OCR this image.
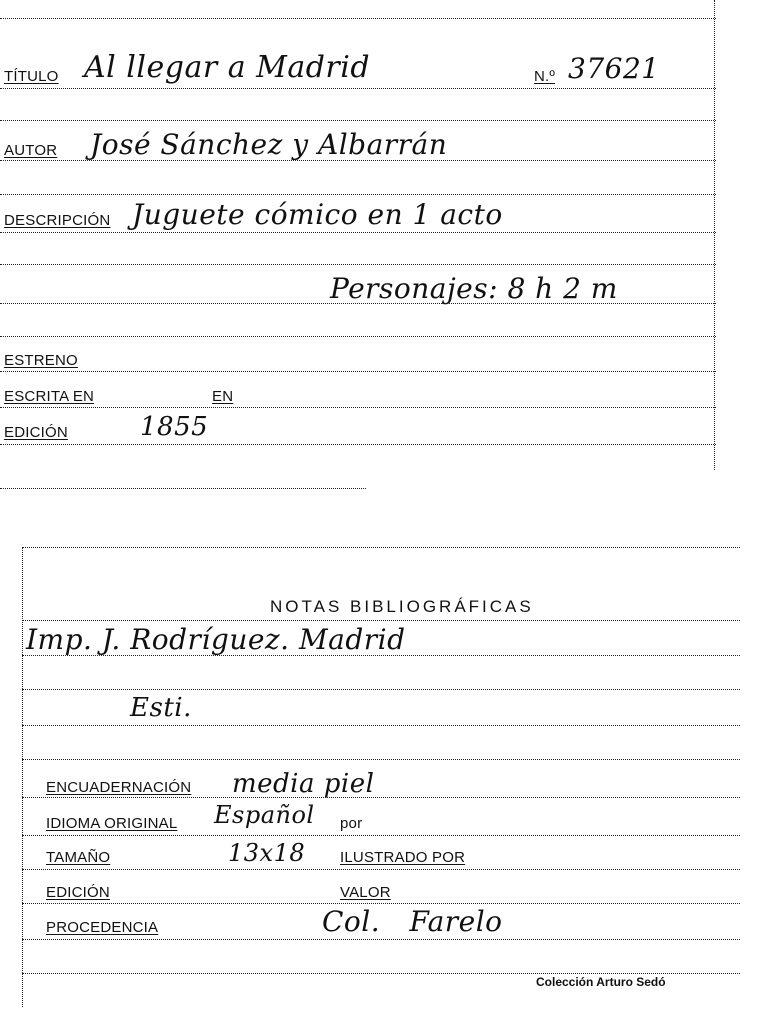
TÍTULO Al llegar a Madrid	N.º 37621
AUTOR José Sánchez y Albarrán
DESCRIPCIÓN Juguete cómico en 1 acto
Personajes: 8 h 2 m
ESTRENO
ESCRITA EN	EN
EDICIÓN	1855
NOTAS BIBLIOGRÁFICAS
Imp. J. Rodríguez. Madrid
Esti.
ENCUADERNACIÓN media piel
IDIOMA ORIGINAL Español por
TAMAÑO	13x18 ILUSTRADO POR
EDICIÓN	VALOR
PROCEDENCIA	Col. Farelo
Colección Arturo Sedó
